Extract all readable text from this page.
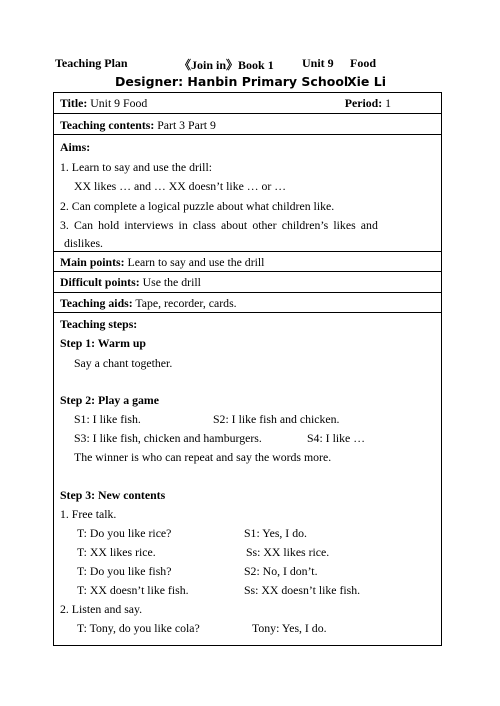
Teaching Plan	《Join in》Book 1 Unit 9 Food
Designer: Hanbin Primary School
Xie Li
Title: Unit 9 Food	Period: 1
Teaching contents: Part 3 Part 9
Aims:
1. Learn to say and use the drill:
XX likes … and … XX doesn’t like … or …
2. Can complete a logical puzzle about what children like.
3. Can hold interviews in class about other children’s likes and
dislikes.
Main points: Learn to say and use the drill
Difficult points: Use the drill
Teaching aids: Tape, recorder, cards.
Teaching steps:
Step 1: Warm up
Say a chant together.
Step 2: Play a game
S1: I like fish.	S2: I like fish and chicken.
S3: I like fish, chicken and hamburgers.	S4: I like …
The winner is who can repeat and say the words more.
Step 3: New contents
1. Free talk.
T: Do you like rice?	S1: Yes, I do.
T: XX likes rice.	Ss: XX likes rice.
T: Do you like fish?	S2: No, I don’t.
T: XX doesn’t like fish.	Ss: XX doesn’t like fish.
2. Listen and say.
T: Tony, do you like cola?	Tony: Yes, I do.
